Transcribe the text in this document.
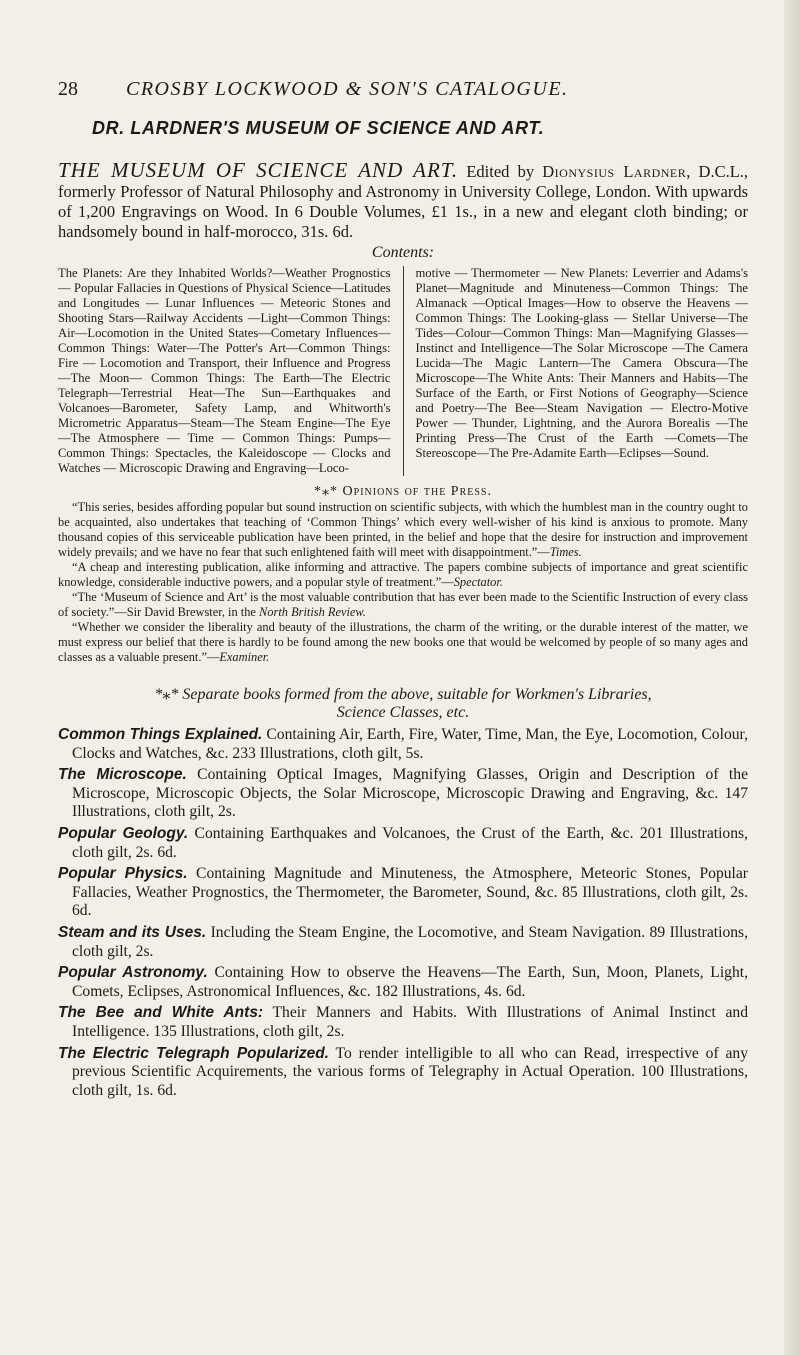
28 CROSBY LOCKWOOD & SON'S CATALOGUE.
DR. LARDNER'S MUSEUM OF SCIENCE AND ART.
THE MUSEUM OF SCIENCE AND ART. Edited by Dionysius Lardner, D.C.L., formerly Professor of Natural Philosophy and Astronomy in University College, London. With upwards of 1,200 Engravings on Wood. In 6 Double Volumes, £1 1s., in a new and elegant cloth binding; or handsomely bound in half-morocco, 31s. 6d.
Contents:
The Planets: Are they Inhabited Worlds?—Weather Prognostics — Popular Fallacies in Questions of Physical Science—Latitudes and Longitudes — Lunar Influences — Meteoric Stones and Shooting Stars—Railway Accidents —Light—Common Things: Air—Locomotion in the United States—Cometary Influences—Common Things: Water—The Potter's Art—Common Things: Fire — Locomotion and Transport, their Influence and Progress—The Moon— Common Things: The Earth—The Electric Telegraph—Terrestrial Heat—The Sun—Earthquakes and Volcanoes—Barometer, Safety Lamp, and Whitworth's Micrometric Apparatus—Steam—The Steam Engine—The Eye—The Atmosphere — Time — Common Things: Pumps—Common Things: Spectacles, the Kaleidoscope — Clocks and Watches — Microscopic Drawing and Engraving—Loco-
motive — Thermometer — New Planets: Leverrier and Adams's Planet—Magnitude and Minuteness—Common Things: The Almanack —Optical Images—How to observe the Heavens — Common Things: The Looking-glass — Stellar Universe—The Tides—Colour—Common Things: Man—Magnifying Glasses—Instinct and Intelligence—The Solar Microscope —The Camera Lucida—The Magic Lantern—The Camera Obscura—The Microscope—The White Ants: Their Manners and Habits—The Surface of the Earth, or First Notions of Geography—Science and Poetry—The Bee—Steam Navigation — Electro-Motive Power — Thunder, Lightning, and the Aurora Borealis —The Printing Press—The Crust of the Earth —Comets—The Stereoscope—The Pre-Adamite Earth—Eclipses—Sound.
*⁎* Opinions of the Press.

“This series, besides affording popular but sound instruction on scientific subjects, with which the humblest man in the country ought to be acquainted, also undertakes that teaching of ‘Common Things’ which every well-wisher of his kind is anxious to promote. Many thousand copies of this serviceable publication have been printed, in the belief and hope that the desire for instruction and improvement widely prevails; and we have no fear that such enlightened faith will meet with disappointment.”—Times.

“A cheap and interesting publication, alike informing and attractive. The papers combine subjects of importance and great scientific knowledge, considerable inductive powers, and a popular style of treatment.”—Spectator.

“The ‘Museum of Science and Art’ is the most valuable contribution that has ever been made to the Scientific Instruction of every class of society.”—Sir David Brewster, in the North British Review.

“Whether we consider the liberality and beauty of the illustrations, the charm of the writing, or the durable interest of the matter, we must express our belief that there is hardly to be found among the new books one that would be welcomed by people of so many ages and classes as a valuable present.”—Examiner.

*⁎* Separate books formed from the above, suitable for Workmen's Libraries,
Science Classes, etc.

Common Things Explained. Containing Air, Earth, Fire, Water, Time, Man, the Eye, Locomotion, Colour, Clocks and Watches, &c. 233 Illustrations, cloth gilt, 5s.

The Microscope. Containing Optical Images, Magnifying Glasses, Origin and Description of the Microscope, Microscopic Objects, the Solar Microscope, Microscopic Drawing and Engraving, &c. 147 Illustrations, cloth gilt, 2s.

Popular Geology. Containing Earthquakes and Volcanoes, the Crust of the Earth, &c. 201 Illustrations, cloth gilt, 2s. 6d.

Popular Physics. Containing Magnitude and Minuteness, the Atmosphere, Meteoric Stones, Popular Fallacies, Weather Prognostics, the Thermometer, the Barometer, Sound, &c. 85 Illustrations, cloth gilt, 2s. 6d.

Steam and its Uses. Including the Steam Engine, the Locomotive, and Steam Navigation. 89 Illustrations, cloth gilt, 2s.

Popular Astronomy. Containing How to observe the Heavens—The Earth, Sun, Moon, Planets, Light, Comets, Eclipses, Astronomical Influences, &c. 182 Illustrations, 4s. 6d.

The Bee and White Ants: Their Manners and Habits. With Illustrations of Animal Instinct and Intelligence. 135 Illustrations, cloth gilt, 2s.

The Electric Telegraph Popularized. To render intelligible to all who can Read, irrespective of any previous Scientific Acquirements, the various forms of Telegraphy in Actual Operation. 100 Illustrations, cloth gilt, 1s. 6d.
